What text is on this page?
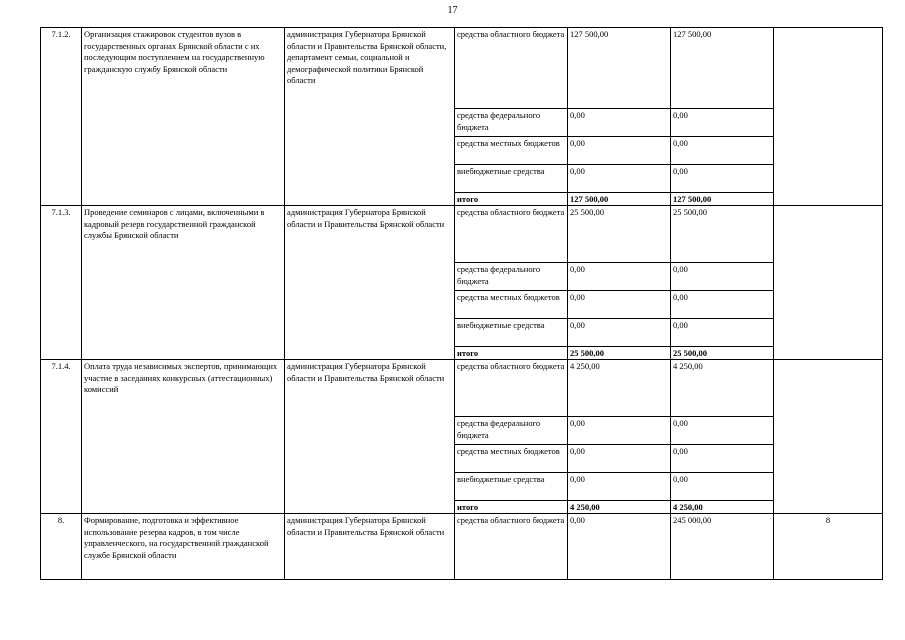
17
7.1.2.	Организация стажировок студентов вузов в государственных органах Брянской области с их последующим поступлением на государственную гражданскую службу Брянской области	администрация Губернатора Брянской области и Правительства Брянской области, департамент семьи, социальной и демографической политики Брянской области	средства областного бюджета	127 500,00	127 500,00	
			средства федерального бюджета	0,00	0,00	
			средства местных бюджетов	0,00	0,00	
			внебюджетные средства	0,00	0,00	
			итого	127 500,00	127 500,00	
7.1.3.	Проведение семинаров с лицами, включенными в кадровый резерв государственной гражданской службы Брянской области	администрация Губернатора Брянской области и Правительства Брянской области	средства областного бюджета	25 500,00	25 500,00	
			средства федерального бюджета	0,00	0,00	
			средства местных бюджетов	0,00	0,00	
			внебюджетные средства	0,00	0,00	
			итого	25 500,00	25 500,00	
7.1.4.	Оплата труда независимых экспертов, принимающих участие в заседаниях конкурсных (аттестационных) комиссий	администрация Губернатора Брянской области и Правительства Брянской области	средства областного бюджета	4 250,00	4 250,00	
			средства федерального бюджета	0,00	0,00	
			средства местных бюджетов	0,00	0,00	
			внебюджетные средства	0,00	0,00	
			итого	4 250,00	4 250,00	
8.	Формирование, подготовка и эффективное использование резерва кадров, в том числе управленческого, на государственной гражданской службе Брянской области	администрация Губернатора Брянской области и Правительства Брянской области	средства областного бюджета	0,00	245 000,00	8
